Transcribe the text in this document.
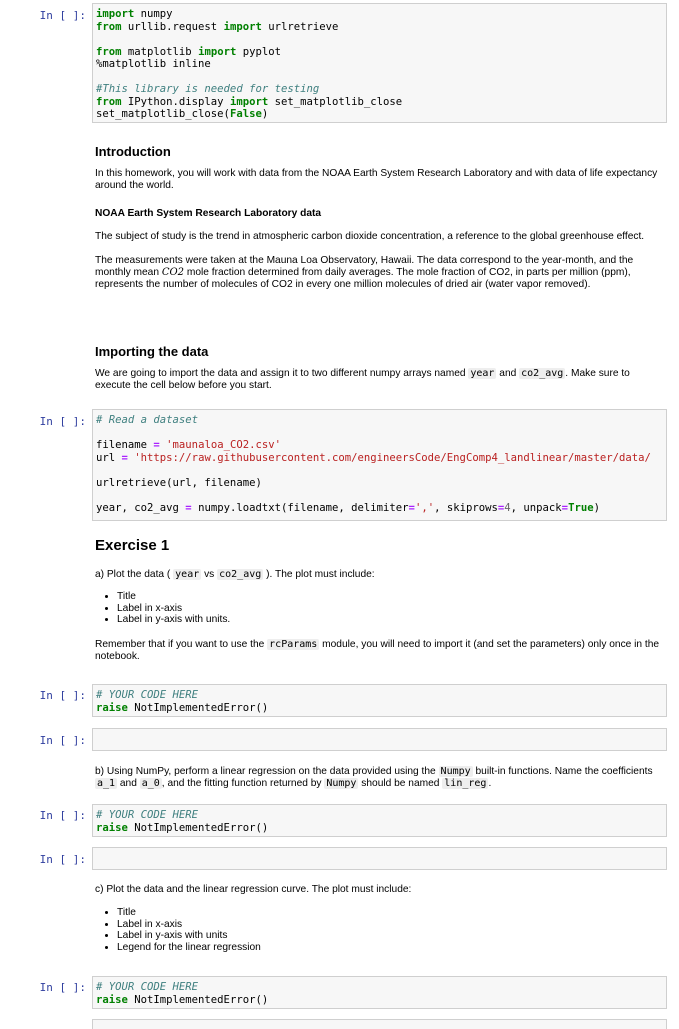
In [ ]: import numpy
from urllib.request import urlretrieve

from matplotlib import pyplot
%matplotlib inline

#This library is needed for testing
from IPython.display import set_matplotlib_close
set_matplotlib_close(False)
Introduction

In this homework, you will work with data from the NOAA Earth System Research Laboratory and with data of life expectancy around the world.

NOAA Earth System Research Laboratory data

The subject of study is the trend in atmospheric carbon dioxide concentration, a reference to the global greenhouse effect.

The measurements were taken at the Mauna Loa Observatory, Hawaii. The data correspond to the year-month, and the monthly mean CO2 mole fraction determined from daily averages. The mole fraction of CO2, in parts per million (ppm), represents the number of molecules of CO2 in every one million molecules of dried air (water vapor removed).

Importing the data

We are going to import the data and assign it to two different numpy arrays named year and co2_avg . Make sure to execute the cell below before you start.

In [ ]: # Read a dataset

filename = 'maunaloa_CO2.csv'
url = 'https://raw.githubusercontent.com/engineersCode/EngComp4_landlinear/master/data/

urlretrieve(url, filename)

year, co2_avg = numpy.loadtxt(filename, delimiter=',', skiprows=4, unpack=True)
Exercise 1

a) Plot the data ( year vs co2_avg ). The plot must include:

• Title
• Label in x-axis
• Label in y-axis with units.

Remember that if you want to use the rcParams module, you will need to import it (and set the parameters) only once in the notebook.

In [ ]: # YOUR CODE HERE
raise NotImplementedError()
In [ ]:

b) Using NumPy, perform a linear regression on the data provided using the Numpy built-in functions. Name the coefficients a_1 and a_0 , and the fitting function returned by Numpy should be named lin_reg .

In [ ]: # YOUR CODE HERE
raise NotImplementedError()
In [ ]:

c) Plot the data and the linear regression curve. The plot must include:

• Title
• Label in x-axis
• Label in y-axis with units
• Legend for the linear regression
In [ ]: # YOUR CODE HERE
raise NotImplementedError()
